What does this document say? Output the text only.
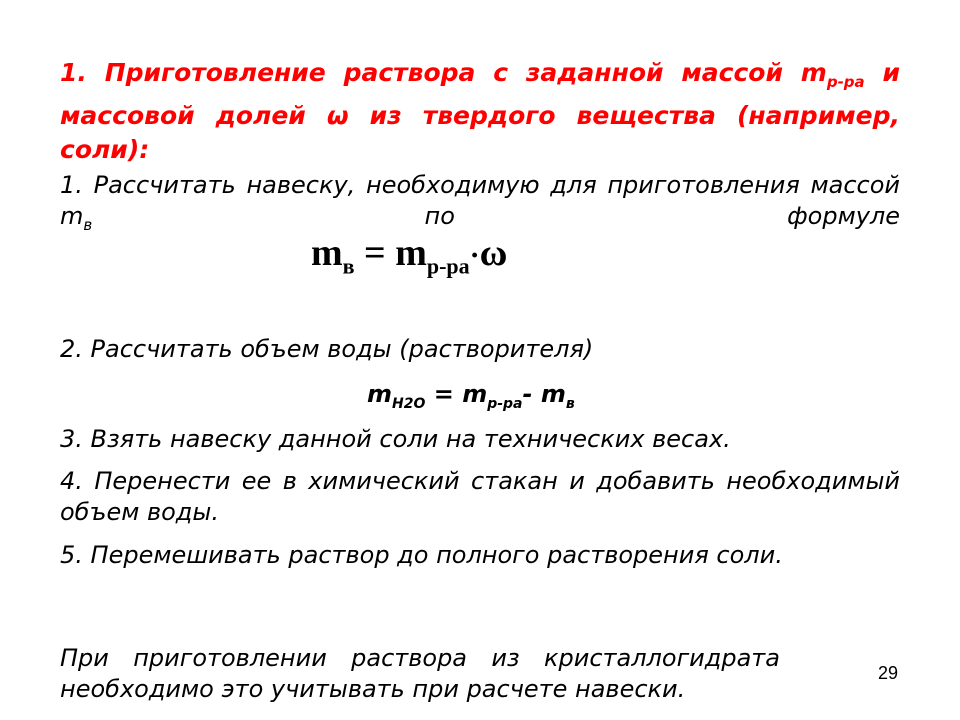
1. Приготовление раствора с заданной массой $m_{р-ра}$ и массовой долей ω из твердого вещества (например, соли):
1. Рассчитать навеску, необходимую для приготовления массой $m_в$ по формуле
$m_в = m_{р-ра}\cdot\omega$
2. Рассчитать объем воды (растворителя)
$m_{H2O} = m_{р-ра}-$ $m_в$
3. Взять навеску данной соли на технических весах.
4. Перенести ее в химический стакан и добавить необходимый объем воды.
5. Перемешивать раствор до полного растворения соли.
При приготовлении раствора из кристаллогидрата необходимо это учитывать при расчете навески.
29
